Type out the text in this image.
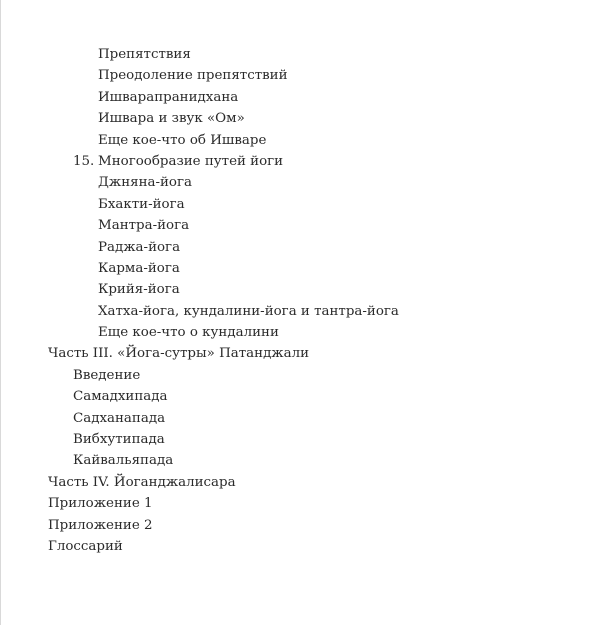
Препятствия
Преодоление препятствий
Ишварапранидхана
Ишвара и звук «Ом»
Еще кое-что об Ишваре
15. Многообразие путей йоги
Джняна-йога
Бхакти-йога
Мантра-йога
Раджа-йога
Карма-йога
Крийя-йога
Хатха-йога, кундалини-йога и тантра-йога
Еще кое-что о кундалини
Часть III. «Йога-сутры» Патанджали
Введение
Самадхипада
Садханапада
Вибхутипада
Кайвальяпада
Часть IV. Йоганджалисара
Приложение 1
Приложение 2
Глоссарий
